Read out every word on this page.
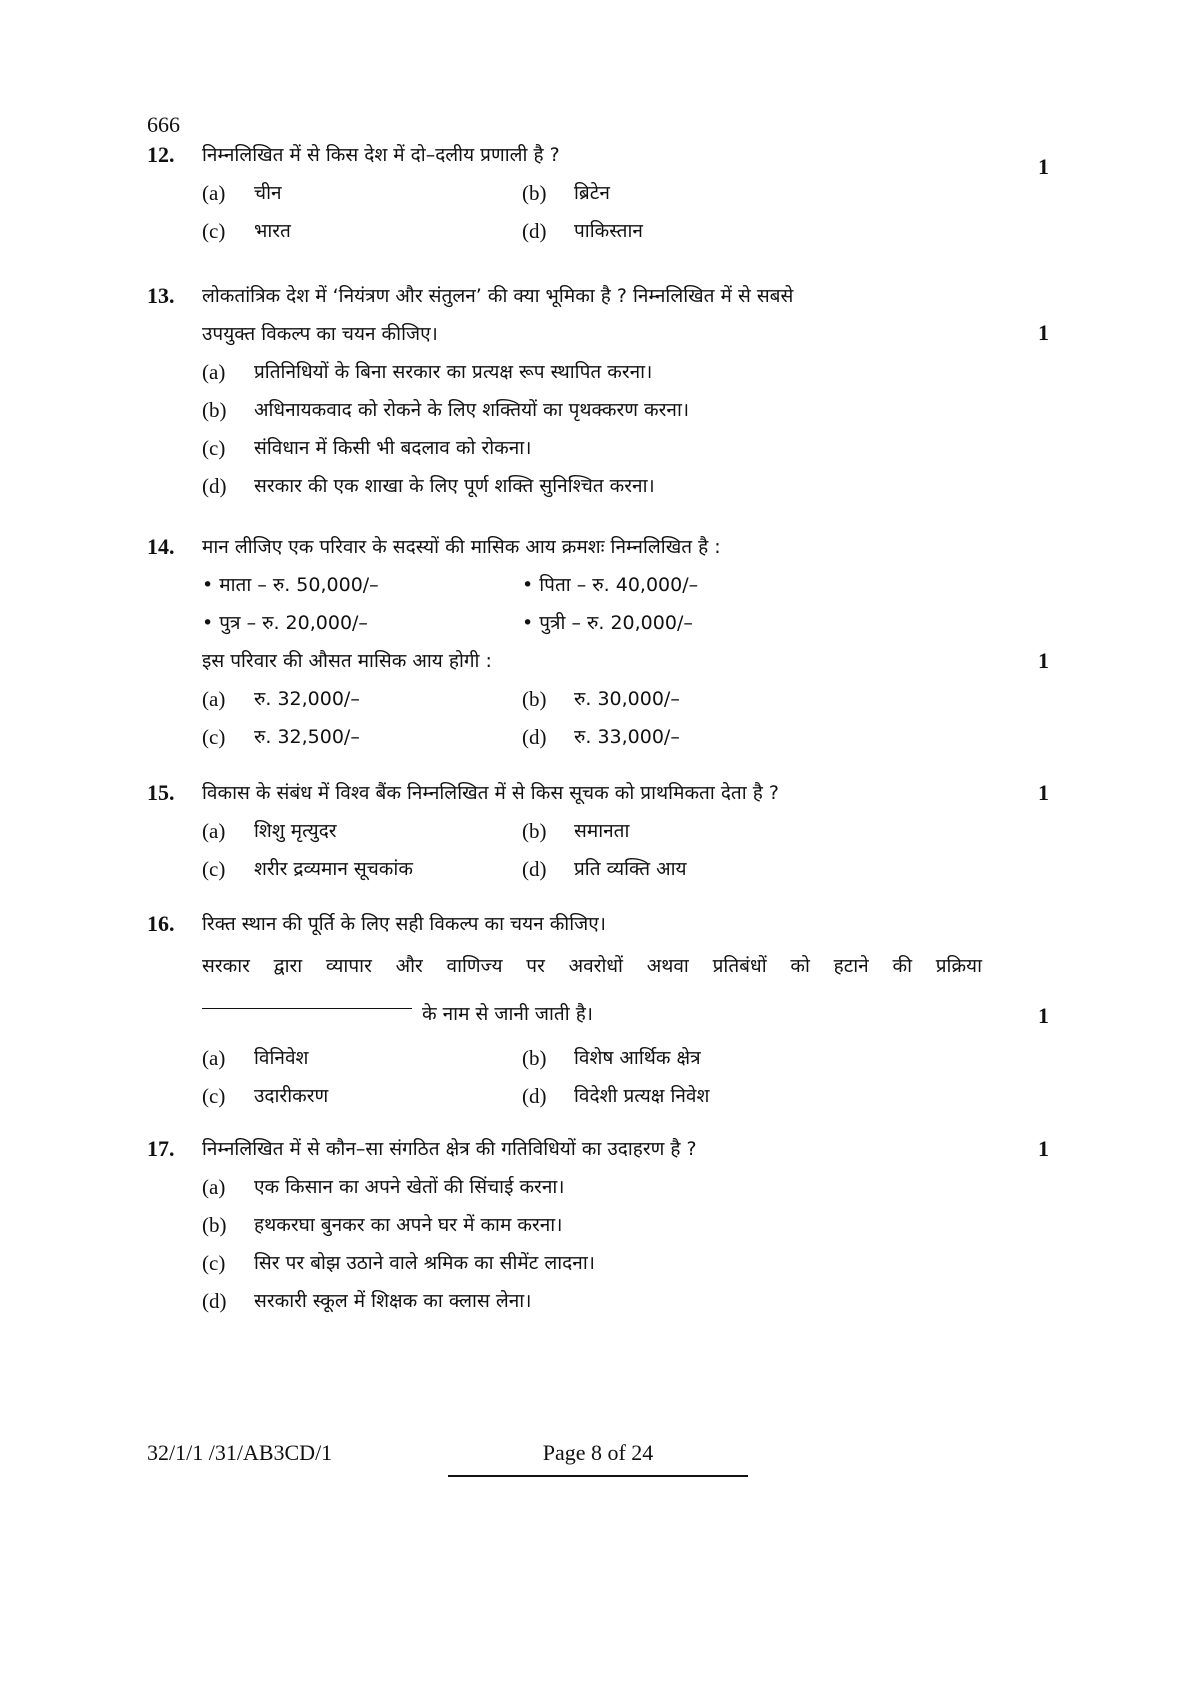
666
12. निम्नलिखित में से किस देश में दो–दलीय प्रणाली है ?
(a)	चीन	(b)	ब्रिटेन
(c)	भारत	(d)	पाकिस्तान
1
13. लोकतांत्रिक देश में ‘नियंत्रण और संतुलन’ की क्या भूमिका है ? निम्नलिखित में से सबसे
उपयुक्त विकल्प का चयन कीजिए।
(a)	प्रतिनिधियों के बिना सरकार का प्रत्यक्ष रूप स्थापित करना।
(b)	अधिनायकवाद को रोकने के लिए शक्तियों का पृथक्करण करना।
(c)	संविधान में किसी भी बदलाव को रोकना।
(d)	सरकार की एक शाखा के लिए पूर्ण शक्ति सुनिश्चित करना।
1
14. मान लीजिए एक परिवार के सदस्यों की मासिक आय क्रमशः निम्नलिखित है :
• माता – रु. 50,000/–	• पिता – रु. 40,000/–
• पुत्र – रु. 20,000/–	• पुत्री – रु. 20,000/–
इस परिवार की औसत मासिक आय होगी :
(a)	रु. 32,000/–	(b)	रु. 30,000/–
(c)	रु. 32,500/–	(d)	रु. 33,000/–
1
15. विकास के संबंध में विश्व बैंक निम्नलिखित में से किस सूचक को प्राथमिकता देता है ?
(a)	शिशु मृत्युदर	(b)	समानता
(c)	शरीर द्रव्यमान सूचकांक	(d)	प्रति व्यक्ति आय
1
16. रिक्त स्थान की पूर्ति के लिए सही विकल्प का चयन कीजिए।
सरकार द्वारा व्यापार और वाणिज्य पर अवरोधों अथवा प्रतिबंधों को हटाने की प्रक्रिया
के नाम से जानी जाती है।
(a)	विनिवेश	(b)	विशेष आर्थिक क्षेत्र
(c)	उदारीकरण	(d)	विदेशी प्रत्यक्ष निवेश
1
17. निम्नलिखित में से कौन–सा संगठित क्षेत्र की गतिविधियों का उदाहरण है ?
(a)	एक किसान का अपने खेतों की सिंचाई करना।
(b)	हथकरघा बुनकर का अपने घर में काम करना।
(c)	सिर पर बोझ उठाने वाले श्रमिक का सीमेंट लादना।
(d)	सरकारी स्कूल में शिक्षक का क्लास लेना।
1
32/1/1 /31/AB3CD/1	Page 8 of 24
